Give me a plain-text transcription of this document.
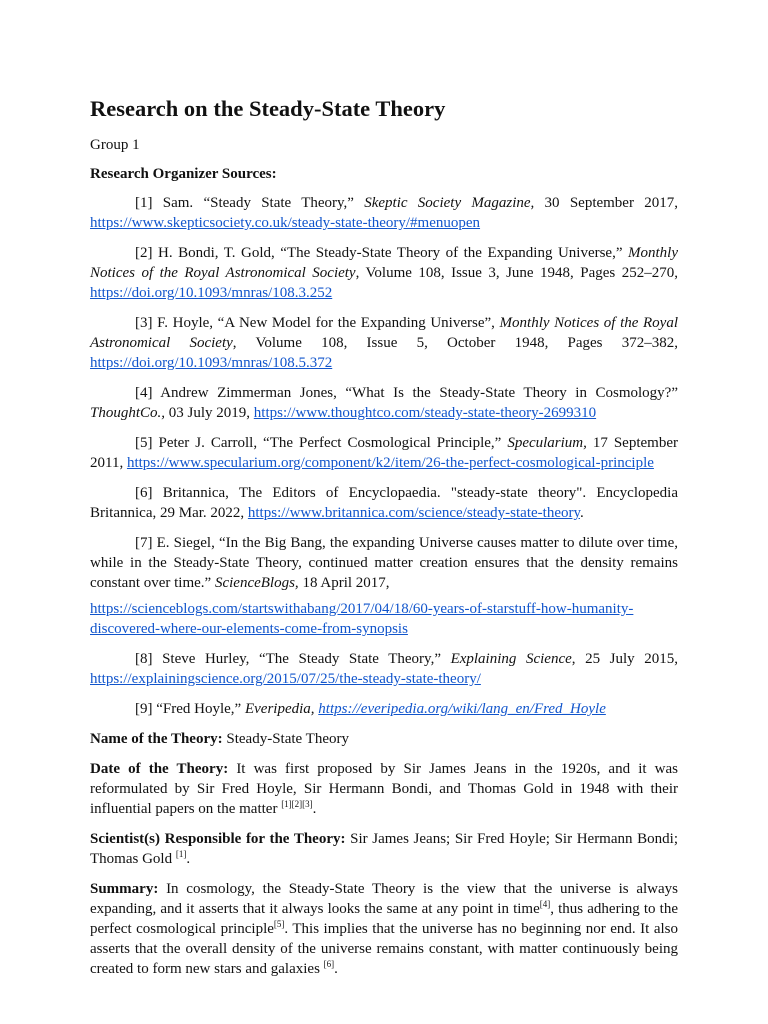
Research on the Steady-State Theory

Group 1

Research Organizer Sources:

[1] Sam. “Steady State Theory,” Skeptic Society Magazine, 30 September 2017, https://www.skepticsociety.co.uk/steady-state-theory/#menuopen

[2] H. Bondi, T. Gold, “The Steady-State Theory of the Expanding Universe,” Monthly Notices of the Royal Astronomical Society, Volume 108, Issue 3, June 1948, Pages 252–270, https://doi.org/10.1093/mnras/108.3.252

[3] F. Hoyle, “A New Model for the Expanding Universe”, Monthly Notices of the Royal Astronomical Society, Volume 108, Issue 5, October 1948, Pages 372–382, https://doi.org/10.1093/mnras/108.5.372

[4] Andrew Zimmerman Jones, “What Is the Steady-State Theory in Cosmology?” ThoughtCo., 03 July 2019, https://www.thoughtco.com/steady-state-theory-2699310

[5] Peter J. Carroll, “The Perfect Cosmological Principle,” Specularium, 17 September 2011, https://www.specularium.org/component/k2/item/26-the-perfect-cosmological-principle

[6] Britannica, The Editors of Encyclopaedia. "steady-state theory". Encyclopedia Britannica, 29 Mar. 2022, https://www.britannica.com/science/steady-state-theory.

[7] E. Siegel, “In the Big Bang, the expanding Universe causes matter to dilute over time, while in the Steady-State Theory, continued matter creation ensures that the density remains constant over time.” ScienceBlogs, 18 April 2017,

https://scienceblogs.com/startswithabang/2017/04/18/60-years-of-starstuff-how-humanity-discovered-where-our-elements-come-from-synopsis

[8] Steve Hurley, “The Steady State Theory,” Explaining Science, 25 July 2015, https://explainingscience.org/2015/07/25/the-steady-state-theory/

[9] “Fred Hoyle,” Everipedia, https://everipedia.org/wiki/lang_en/Fred_Hoyle

Name of the Theory: Steady-State Theory

Date of the Theory: It was first proposed by Sir James Jeans in the 1920s, and it was reformulated by Sir Fred Hoyle, Sir Hermann Bondi, and Thomas Gold in 1948 with their influential papers on the matter [1][2][3].

Scientist(s) Responsible for the Theory: Sir James Jeans; Sir Fred Hoyle; Sir Hermann Bondi; Thomas Gold [1].

Summary: In cosmology, the Steady-State Theory is the view that the universe is always expanding, and it asserts that it always looks the same at any point in time[4], thus adhering to the perfect cosmological principle[5]. This implies that the universe has no beginning nor end. It also asserts that the overall density of the universe remains constant, with matter continuously being created to form new stars and galaxies [6].
